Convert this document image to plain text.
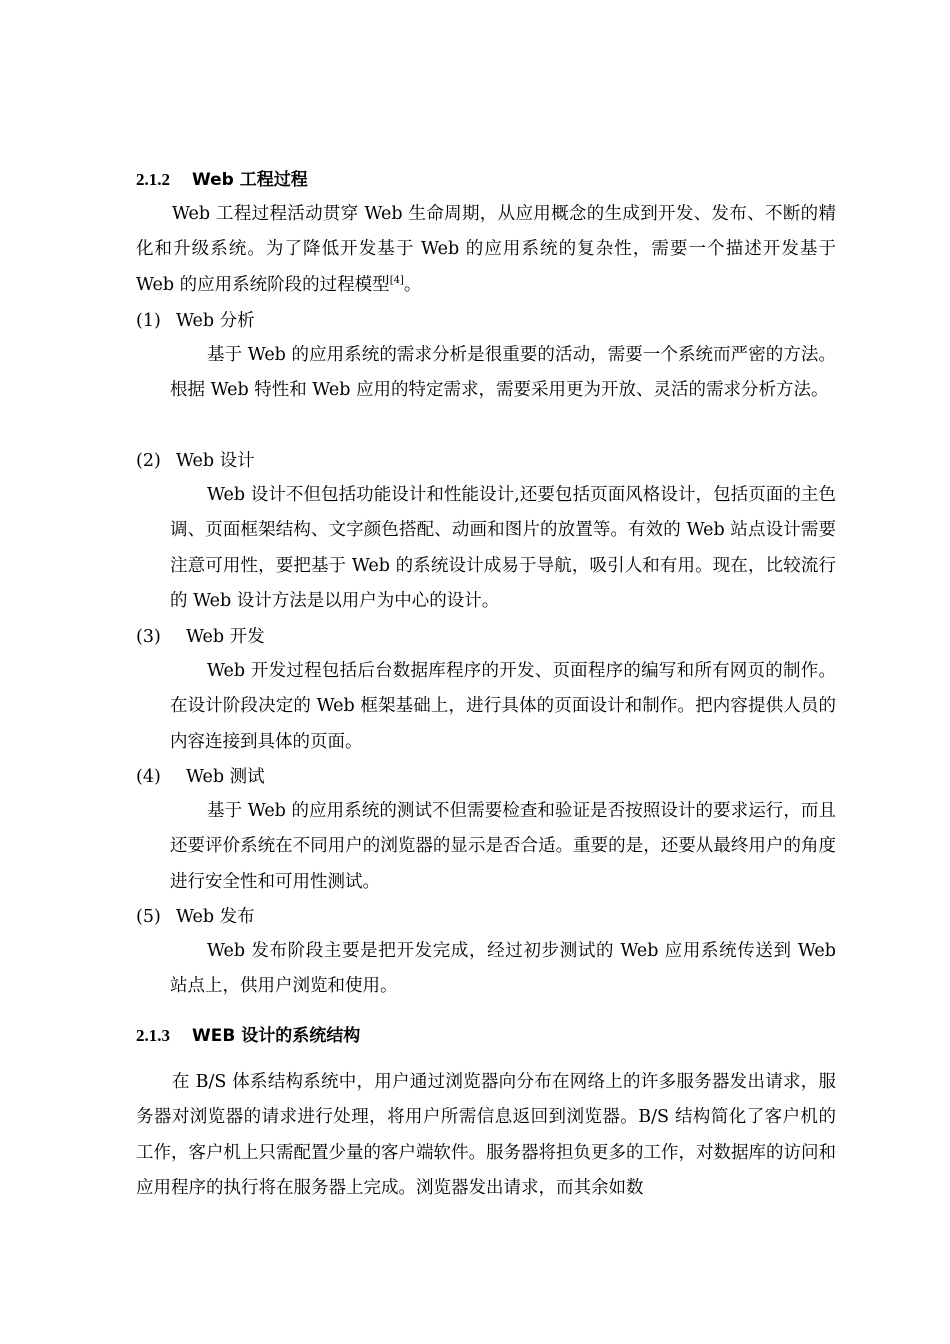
2.1.2 Web 工程过程

Web 工程过程活动贯穿 Web 生命周期，从应用概念的生成到开发、发布、不断的精化和升级系统。为了降低开发基于 Web 的应用系统的复杂性，需要一个描述开发基于 Web 的应用系统阶段的过程模型[4]。

(1) Web 分析

基于 Web 的应用系统的需求分析是很重要的活动，需要一个系统而严密的方法。根据 Web 特性和 Web 应用的特定需求，需要采用更为开放、灵活的需求分析方法。

(2) Web 设计

Web 设计不但包括功能设计和性能设计,还要包括页面风格设计，包括页面的主色调、页面框架结构、文字颜色搭配、动画和图片的放置等。有效的 Web 站点设计需要注意可用性，要把基于 Web 的系统设计成易于导航，吸引人和有用。现在，比较流行的 Web 设计方法是以用户为中心的设计。

(3) Web 开发

Web 开发过程包括后台数据库程序的开发、页面程序的编写和所有网页的制作。在设计阶段决定的 Web 框架基础上，进行具体的页面设计和制作。把内容提供人员的内容连接到具体的页面。

(4) Web 测试

基于 Web 的应用系统的测试不但需要检查和验证是否按照设计的要求运行，而且还要评价系统在不同用户的浏览器的显示是否合适。重要的是，还要从最终用户的角度进行安全性和可用性测试。

(5) Web 发布

Web 发布阶段主要是把开发完成，经过初步测试的 Web 应用系统传送到 Web 站点上，供用户浏览和使用。

2.1.3 WEB 设计的系统结构

在 B/S 体系结构系统中，用户通过浏览器向分布在网络上的许多服务器发出请求，服务器对浏览器的请求进行处理，将用户所需信息返回到浏览器。B/S 结构简化了客户机的工作，客户机上只需配置少量的客户端软件。服务器将担负更多的工作，对数据库的访问和应用程序的执行将在服务器上完成。浏览器发出请求，而其余如数
